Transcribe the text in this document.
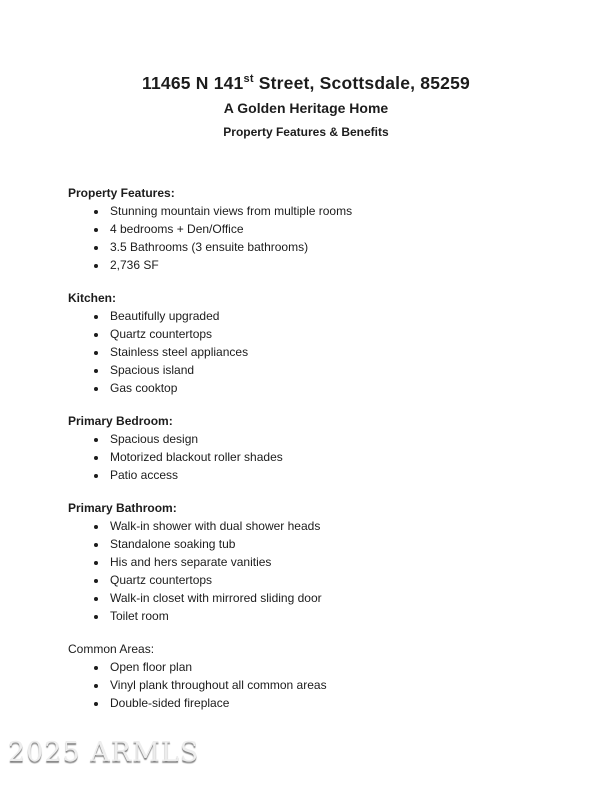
11465 N 141st Street, Scottsdale, 85259
A Golden Heritage Home
Property Features & Benefits
Property Features:
• Stunning mountain views from multiple rooms
• 4 bedrooms + Den/Office
• 3.5 Bathrooms (3 ensuite bathrooms)
• 2,736 SF
Kitchen:
• Beautifully upgraded
• Quartz countertops
• Stainless steel appliances
• Spacious island
• Gas cooktop
Primary Bedroom:
• Spacious design
• Motorized blackout roller shades
• Patio access
Primary Bathroom:
• Walk-in shower with dual shower heads
• Standalone soaking tub
• His and hers separate vanities
• Quartz countertops
• Walk-in closet with mirrored sliding door
• Toilet room
Common Areas:
• Open floor plan
• Vinyl plank throughout all common areas
• Double-sided fireplace
2025 ARMLS
